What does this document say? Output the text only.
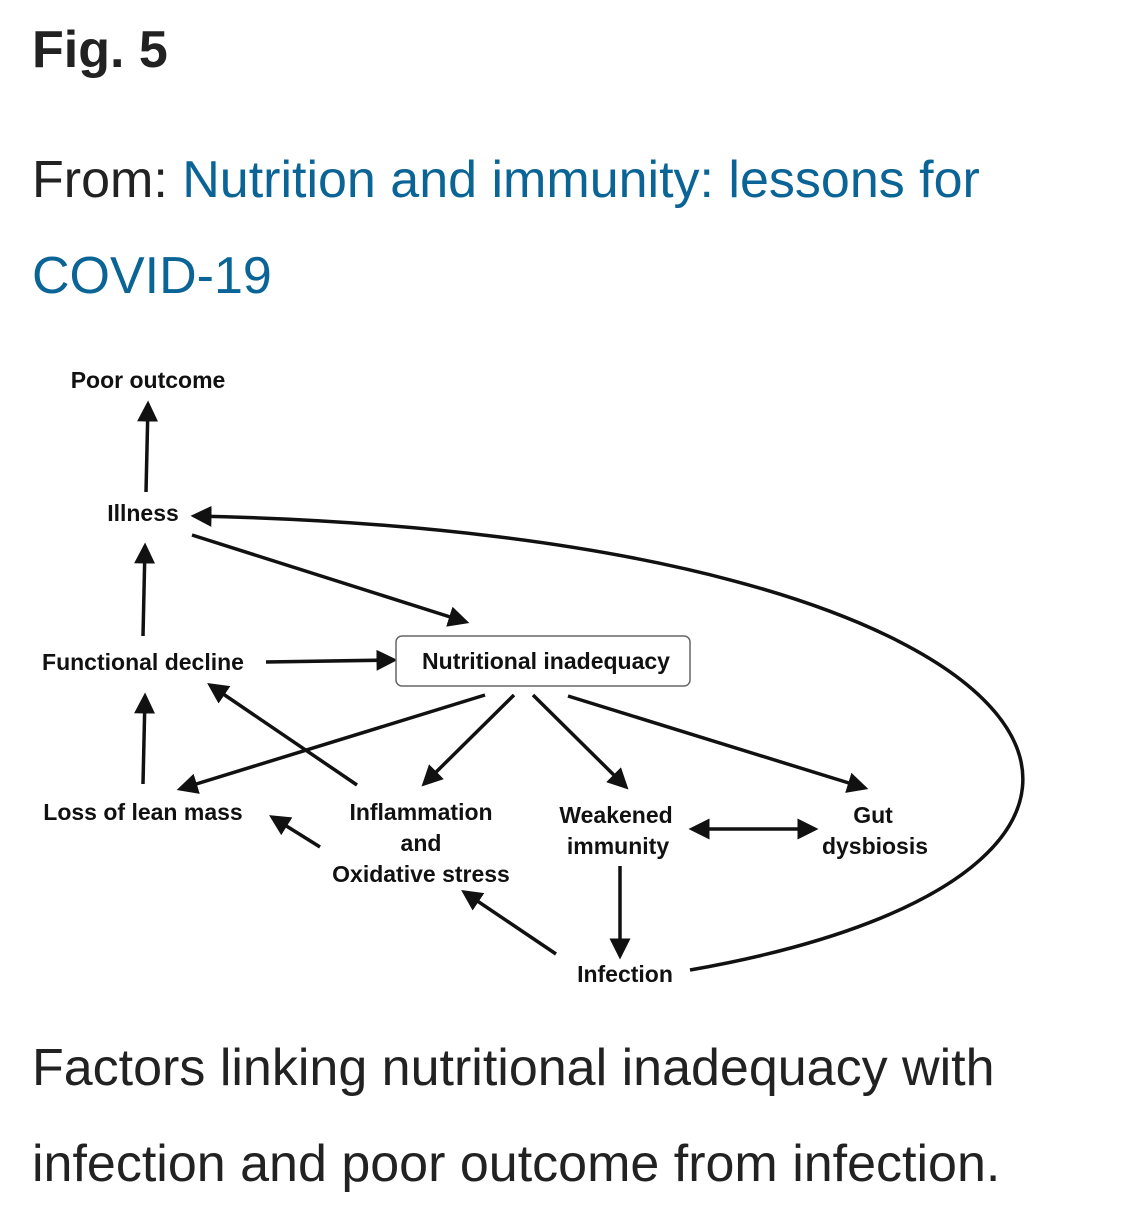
Fig. 5
From: Nutrition and immunity: lessons for COVID-19
Poor outcome
Illness
Functional decline	Nutritional inadequacy
Loss of lean mass	Inflammation
and
Oxidative stress
Weakened
immunity
Gut
dysbiosis
Infection
Factors linking nutritional inadequacy with infection and poor outcome from infection.
